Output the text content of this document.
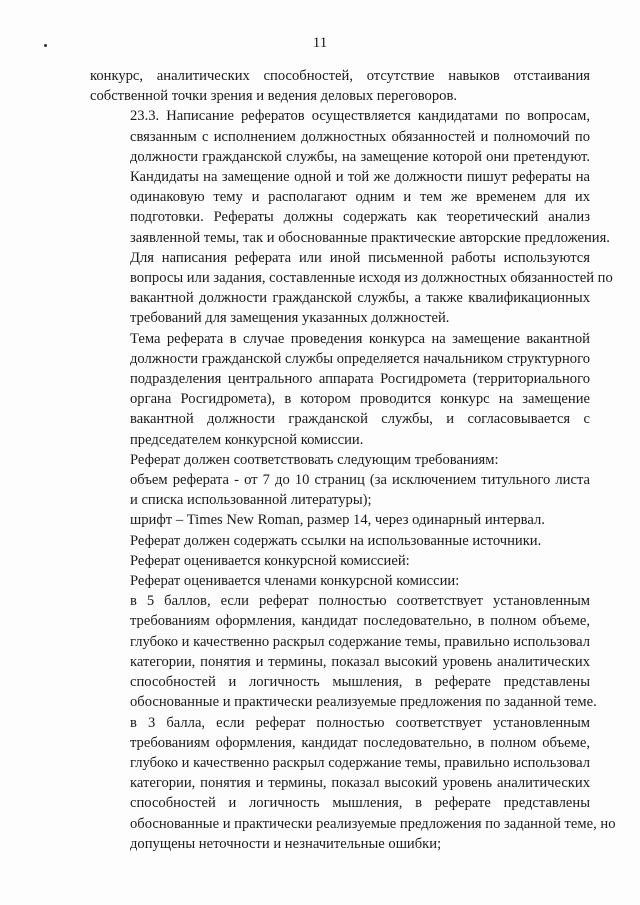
11

конкурс, аналитических способностей, отсутствие навыков отстаивания
собственной точки зрения и ведения деловых переговоров.

23.3. Написание рефератов осуществляется кандидатами по вопросам,
связанным с исполнением должностных обязанностей и полномочий по
должности гражданской службы, на замещение которой они претендуют.
Кандидаты на замещение одной и той же должности пишут рефераты на
одинаковую тему и располагают одним и тем же временем для их
подготовки. Рефераты должны содержать как теоретический анализ
заявленной темы, так и обоснованные практические авторские предложения.

Для написания реферата или иной письменной работы используются
вопросы или задания, составленные исходя из должностных обязанностей по
вакантной должности гражданской службы, а также квалификационных
требований для замещения указанных должностей.

Тема реферата в случае проведения конкурса на замещение вакантной
должности гражданской службы определяется начальником структурного
подразделения центрального аппарата Росгидромета (территориального
органа Росгидромета), в котором проводится конкурс на замещение
вакантной должности гражданской службы, и согласовывается с
председателем конкурсной комиссии.

Реферат должен соответствовать следующим требованиям:

объем реферата - от 7 до 10 страниц (за исключением титульного листа
и списка использованной литературы);

шрифт – Times New Roman, размер 14, через одинарный интервал.

Реферат должен содержать ссылки на использованные источники.

Реферат оценивается конкурсной комиссией:

Реферат оценивается членами конкурсной комиссии:

в 5 баллов, если реферат полностью соответствует установленным
требованиям оформления, кандидат последовательно, в полном объеме,
глубоко и качественно раскрыл содержание темы, правильно использовал
категории, понятия и термины, показал высокий уровень аналитических
способностей и логичность мышления, в реферате представлены
обоснованные и практически реализуемые предложения по заданной теме.

в 3 балла, если реферат полностью соответствует установленным
требованиям оформления, кандидат последовательно, в полном объеме,
глубоко и качественно раскрыл содержание темы, правильно использовал
категории, понятия и термины, показал высокий уровень аналитических
способностей и логичность мышления, в реферате представлены
обоснованные и практически реализуемые предложения по заданной теме, но
допущены неточности и незначительные ошибки;
